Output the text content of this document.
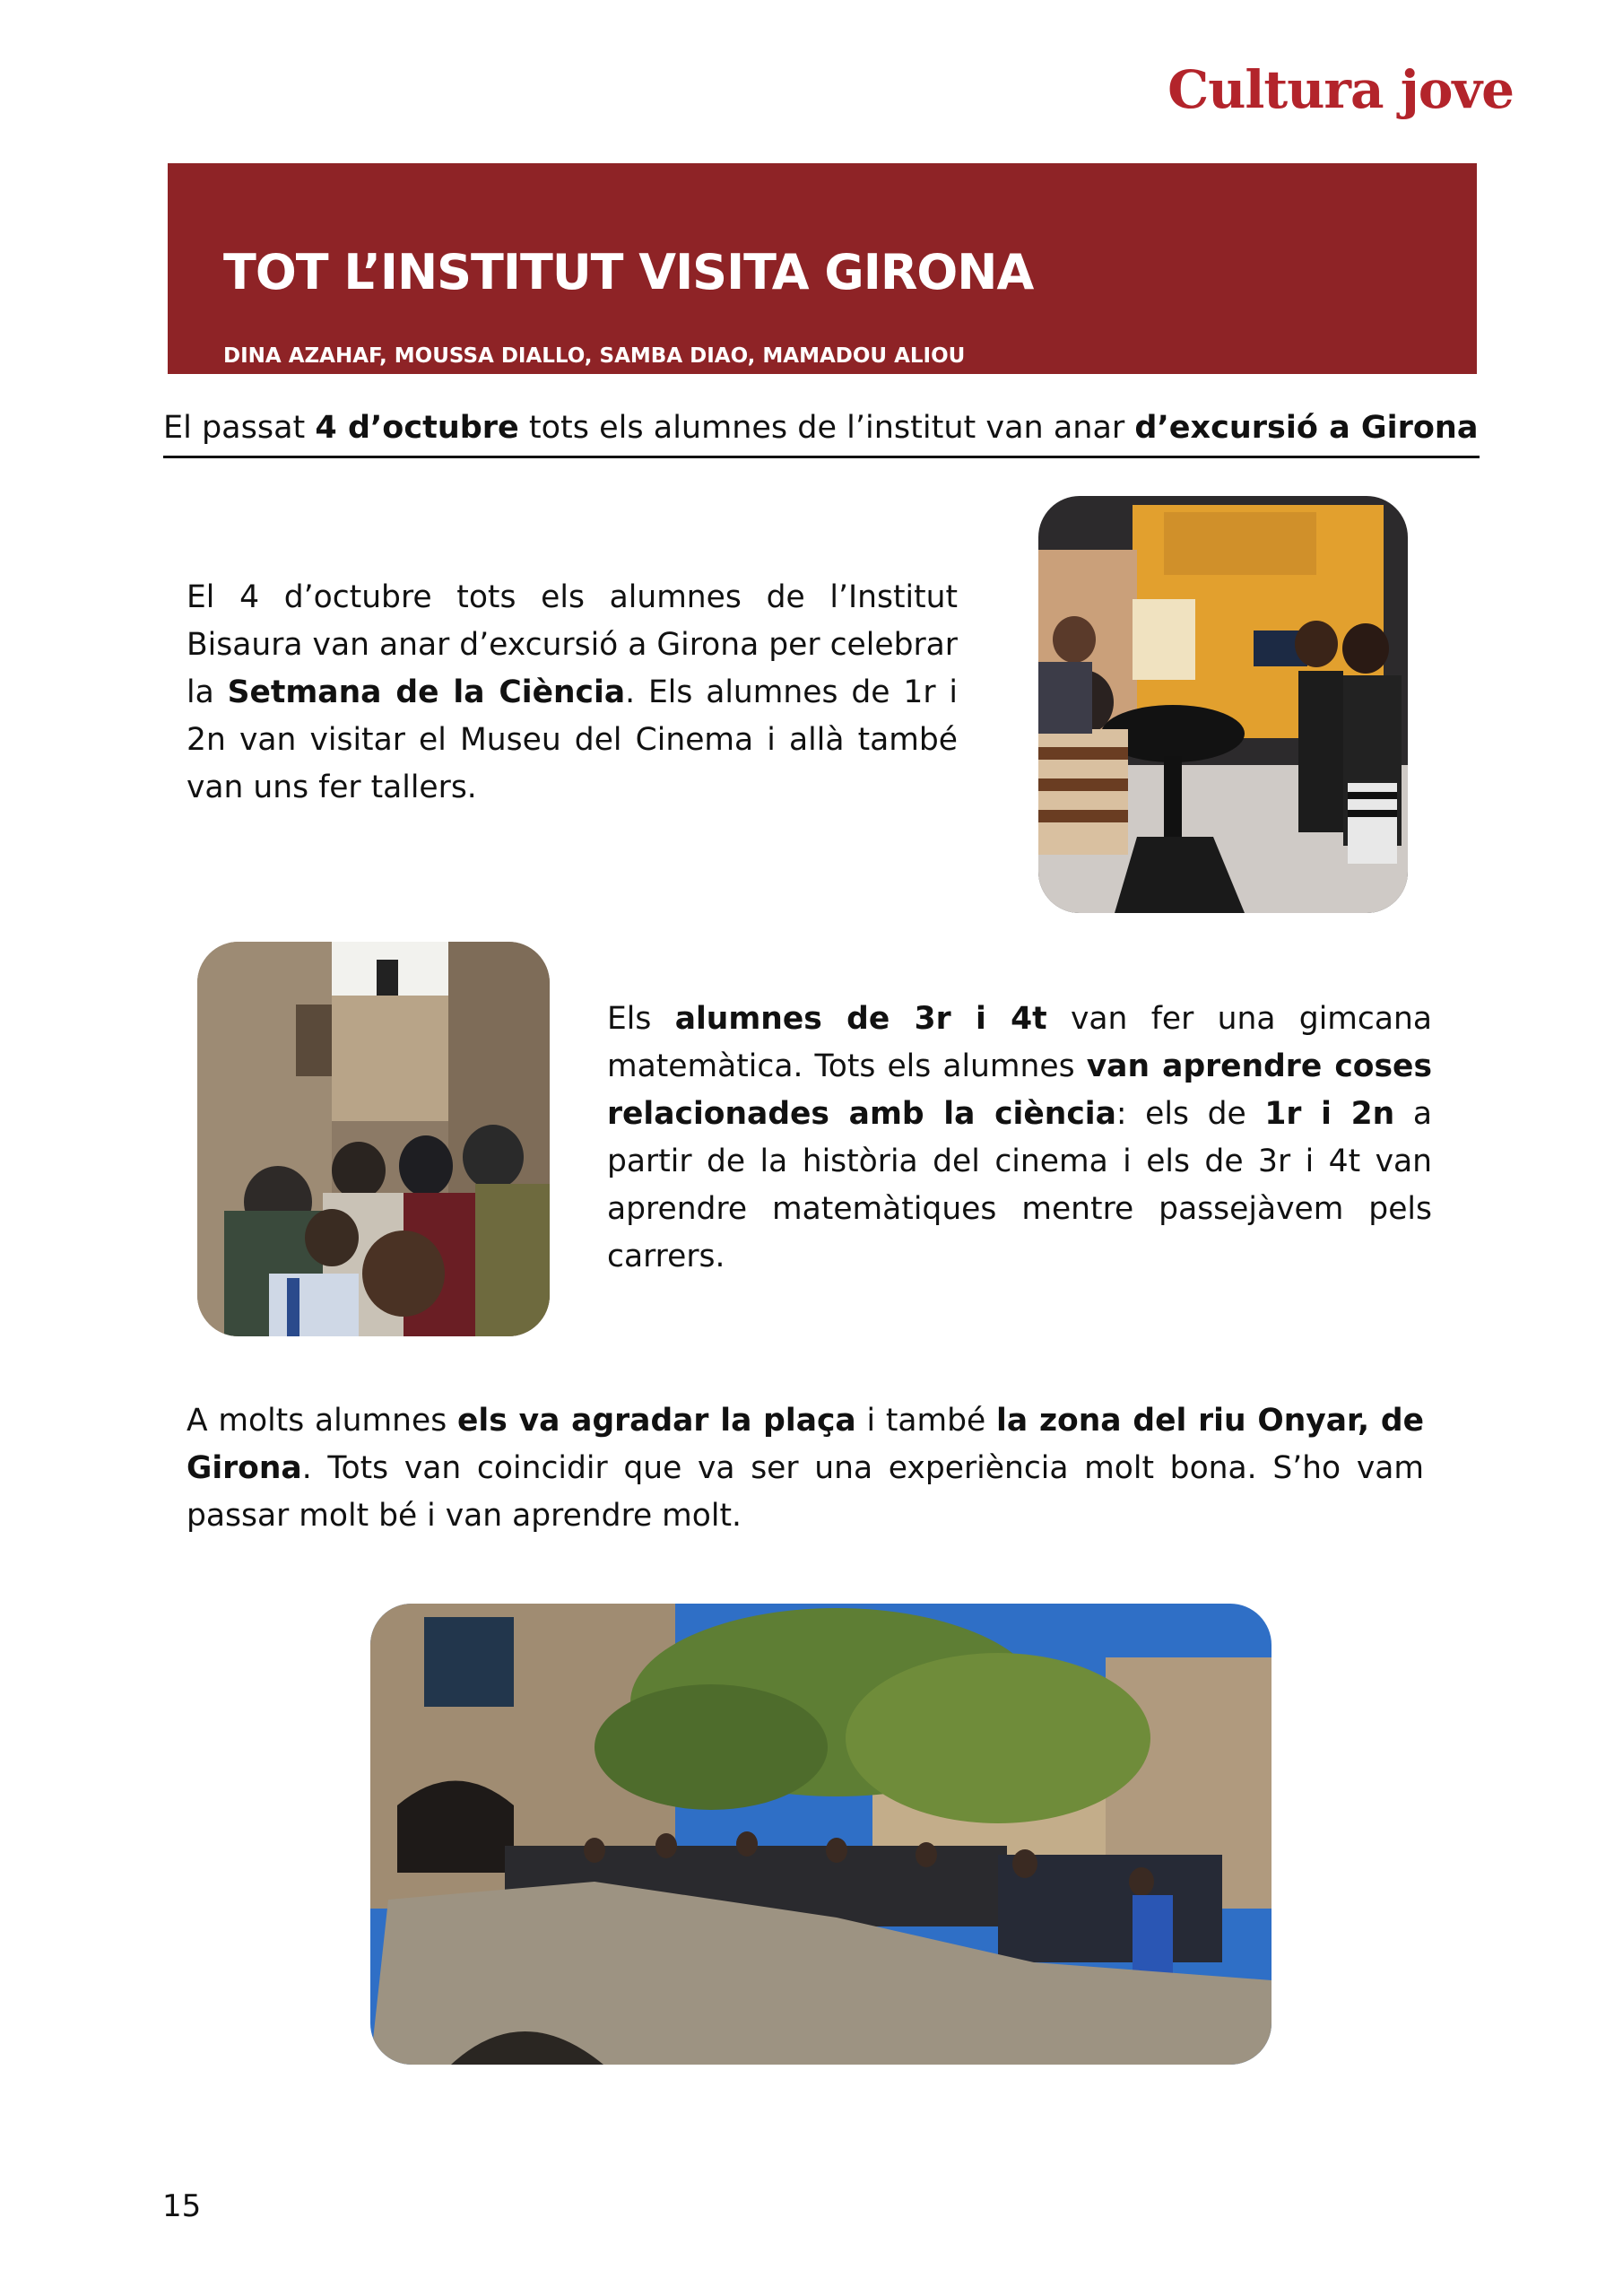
Cultura jove
TOT L’INSTITUT VISITA GIRONA
DINA AZAHAF, MOUSSA DIALLO, SAMBA DIAO, MAMADOU ALIOU
El passat 4 d’octubre tots els alumnes de l’institut van anar d’excursió a Girona
El 4 d’octubre tots els alumnes de l’Institut Bisaura van anar d’excursió a Girona per celebrar la Setmana de la Ciència. Els alumnes de 1r i 2n van visitar el Museu del Cinema i allà també van uns fer tallers.
Els alumnes de 3r i 4t van fer una gimcana matemàtica. Tots els alumnes van aprendre coses relacionades amb la ciència: els de 1r i 2n a partir de la història del cinema i els de 3r i 4t van aprendre matemàtiques mentre passejàvem pels carrers.
A molts alumnes els va agradar la plaça i també la zona del riu Onyar, de Girona. Tots van coincidir que va ser una experiència molt bona. S’ho vam passar molt bé i van aprendre molt.
15
